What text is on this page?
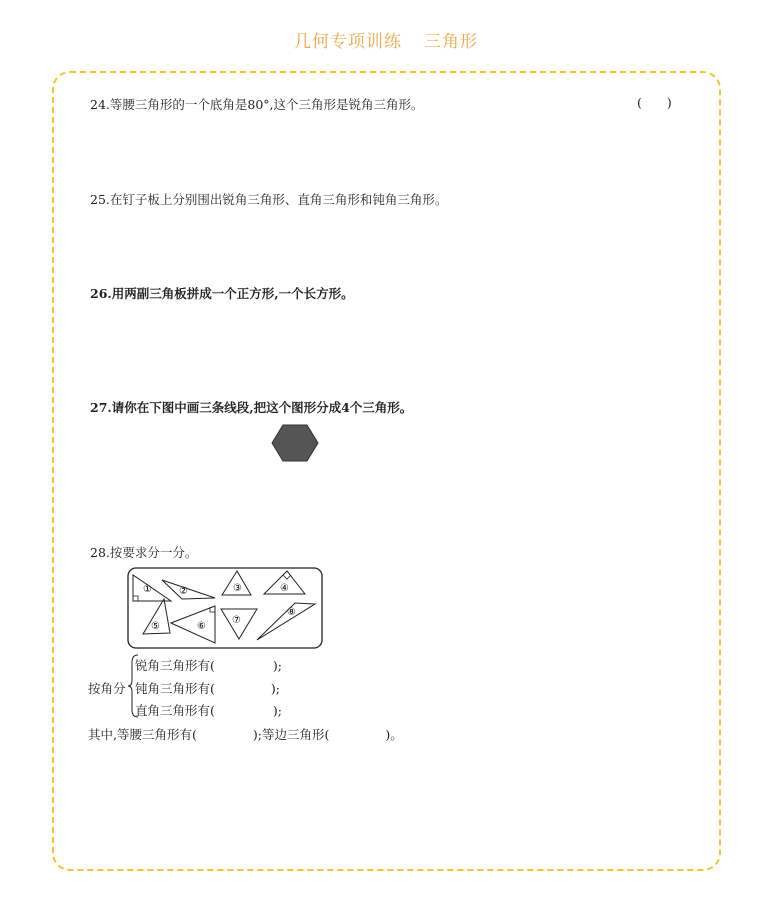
几何专项训练 三角形
24.等腰三角形的一个底角是80°,这个三角形是锐角三角形。	(　　)
25.在钉子板上分别围出锐角三角形、直角三角形和钝角三角形。
26.用两副三角板拼成一个正方形,一个长方形。
27.请你在下图中画三条线段,把这个图形分成4个三角形。
28.按要求分一分。
①	②	③	④
⑤	⑥
⑦
⑧
按角分
锐角三角形有(	);
钝角三角形有(	);
直角三角形有(	);
其中,等腰三角形有(	);等边三角形(	)。
